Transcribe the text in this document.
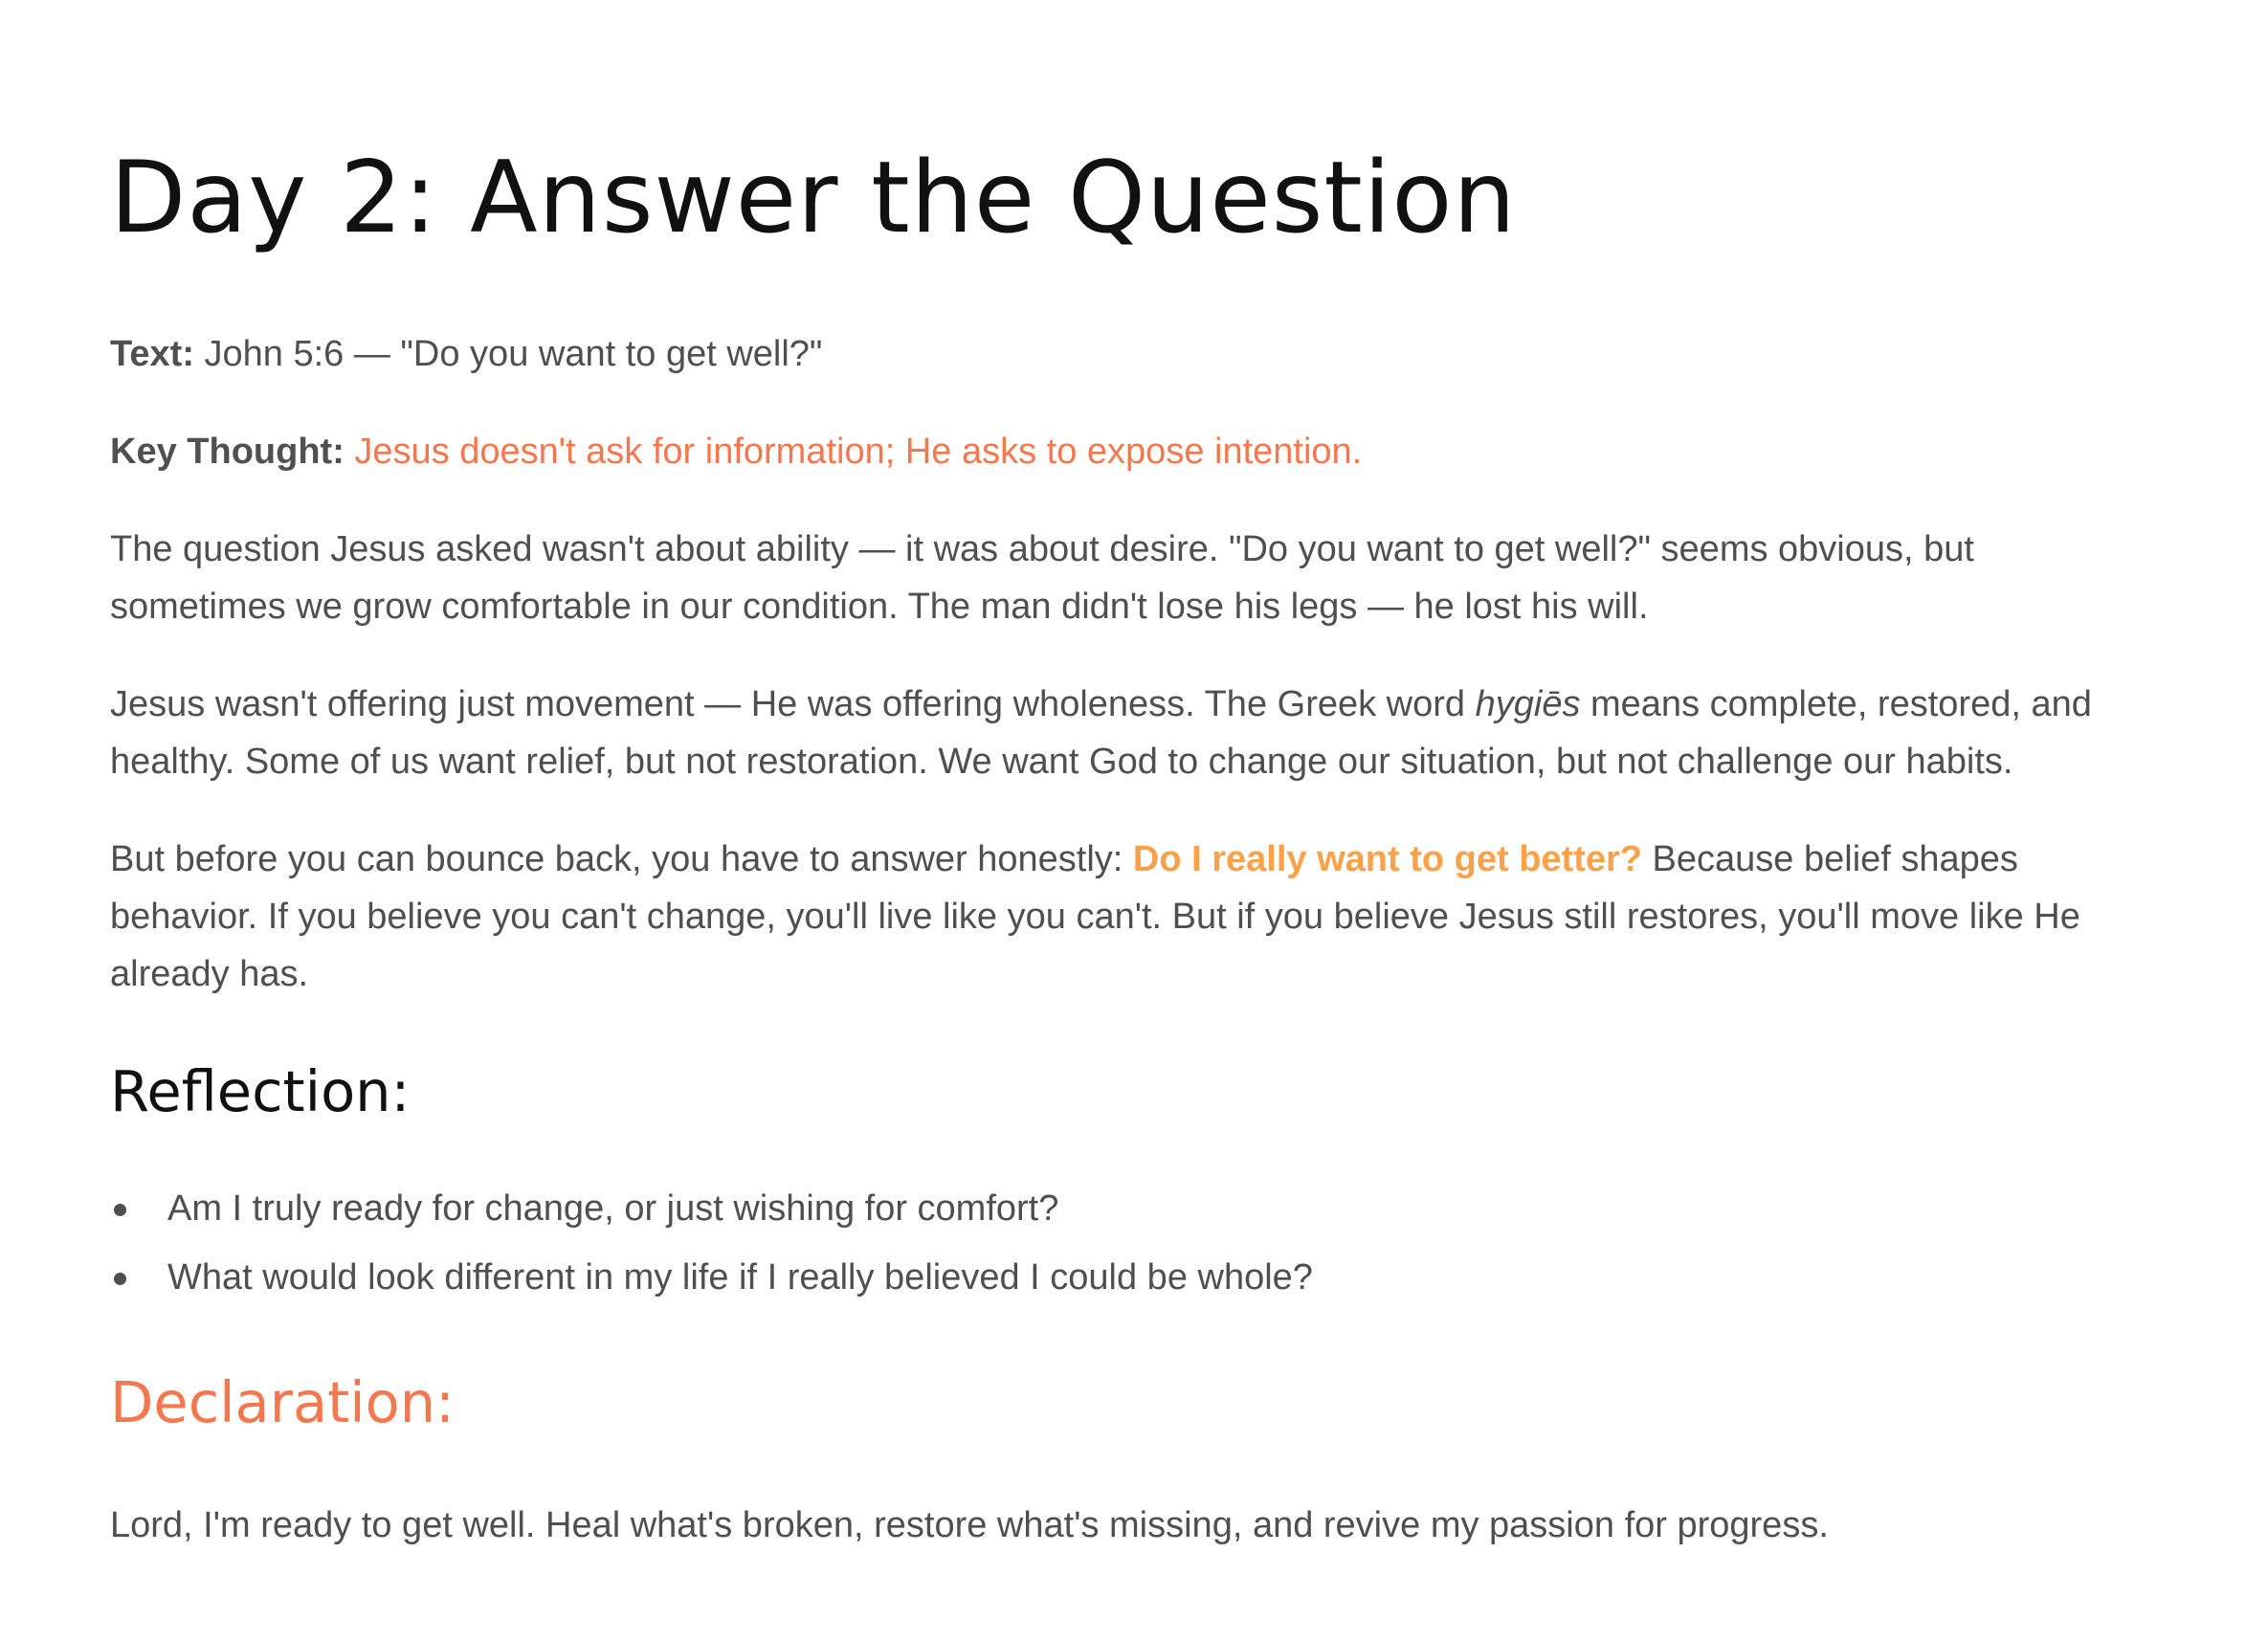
Day 2: Answer the Question

Text: John 5:6 — "Do you want to get well?"

Key Thought: Jesus doesn't ask for information; He asks to expose intention.

The question Jesus asked wasn't about ability — it was about desire. "Do you want to get well?" seems obvious, but sometimes we grow comfortable in our condition. The man didn't lose his legs — he lost his will.

Jesus wasn't offering just movement — He was offering wholeness. The Greek word hygiēs means complete, restored, and healthy. Some of us want relief, but not restoration. We want God to change our situation, but not challenge our habits.

But before you can bounce back, you have to answer honestly: Do I really want to get better? Because belief shapes behavior. If you believe you can't change, you'll live like you can't. But if you believe Jesus still restores, you'll move like He already has.

Reflection:
Am I truly ready for change, or just wishing for comfort?
What would look different in my life if I really believed I could be whole?
Declaration:

Lord, I'm ready to get well. Heal what's broken, restore what's missing, and revive my passion for progress.
